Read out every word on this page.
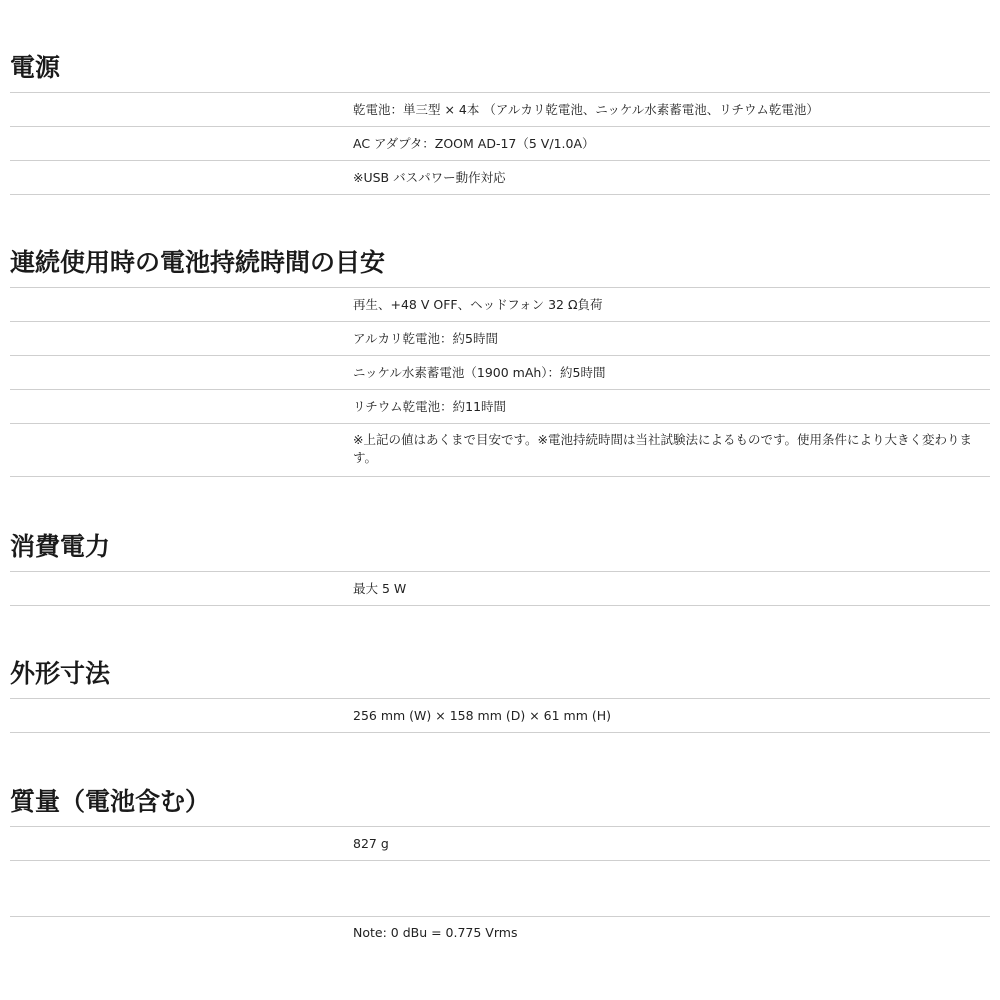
電源
乾電池：単三型 × 4本 （アルカリ乾電池、ニッケル水素蓄電池、リチウム乾電池）
AC アダプタ：ZOOM AD-17（5 V/1.0A）
※USB バスパワー動作対応
連続使用時の電池持続時間の目安
再生、+48 V OFF、ヘッドフォン 32 Ω負荷
アルカリ乾電池：約5時間
ニッケル水素蓄電池（1900 mAh）：約5時間
リチウム乾電池：約11時間
※上記の値はあくまで目安です。※電池持続時間は当社試験法によるものです。使用条件により大きく変わります。
消費電力
最大 5 W
外形寸法
256 mm (W) × 158 mm (D) × 61 mm (H)
質量（電池含む）
827 g
Note: 0 dBu = 0.775 Vrms
